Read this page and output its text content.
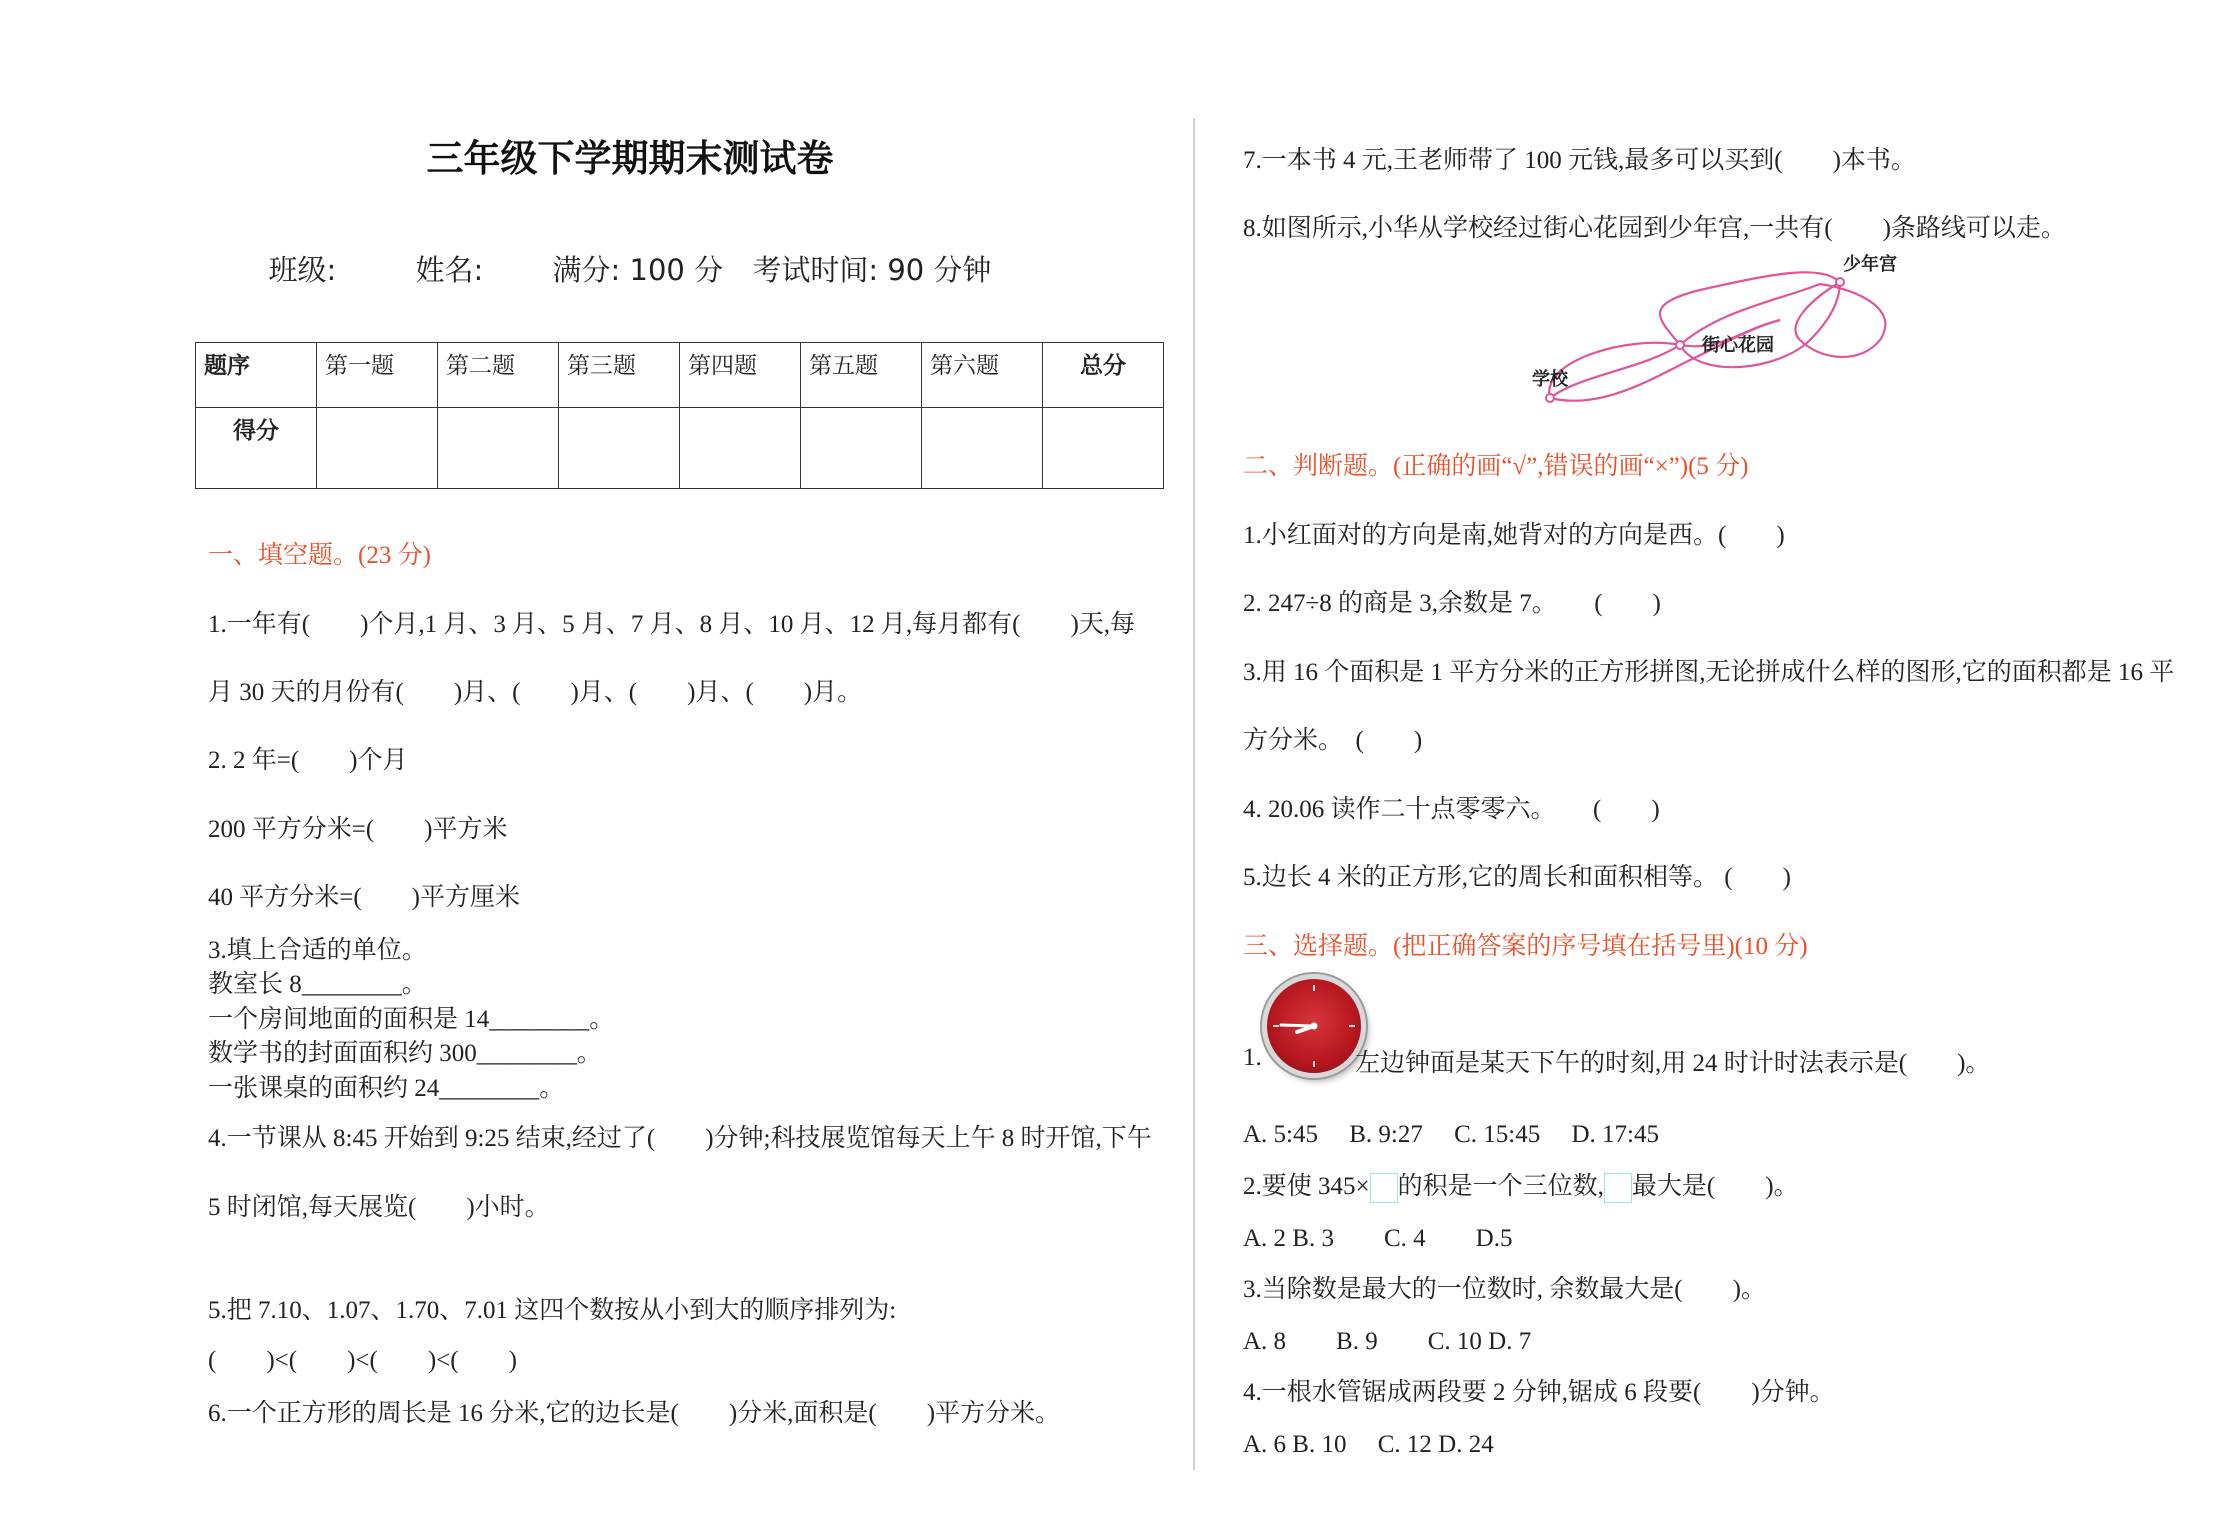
三年级下学期期末测试卷
班级:	姓名: 满分: 100 分 考试时间: 90 分钟
题序	第一题	第二题	第三题	第四题	第五题	第六题	总分
得分							
一、填空题。(23 分)
1.一年有(　　)个月,1 月、3 月、5 月、7 月、8 月、10 月、12 月,每月都有(　　)天,每
月 30 天的月份有(　　)月、(　　)月、(　　)月、(　　)月。
2. 2 年=(　　)个月
200 平方分米=(　　)平方米
40 平方分米=(　　)平方厘米
3.填上合适的单位。
教室长 8________。
一个房间地面的面积是 14________。
数学书的封面面积约 300________。
一张课桌的面积约 24________。
4.一节课从 8:45 开始到 9:25 结束,经过了(　　)分钟;科技展览馆每天上午 8 时开馆,下午
5 时闭馆,每天展览(　　)小时。
5.把 7.10、1.07、1.70、7.01 这四个数按从小到大的顺序排列为:
(　　)<(　　)<(　　)<(　　)
6.一个正方形的周长是 16 分米,它的边长是(　　)分米,面积是(　　)平方分米。
7.一本书 4 元,王老师带了 100 元钱,最多可以买到(　　)本书。
8.如图所示,小华从学校经过街心花园到少年宫,一共有(　　)条路线可以走。
学校
街心花园
少年宫
二、判断题。(正确的画“√”,错误的画“×”)(5 分)
1.小红面对的方向是南,她背对的方向是西。(　　)
2. 247÷8 的商是 3,余数是 7。　　(　　)
3.用 16 个面积是 1 平方分米的正方形拼图,无论拼成什么样的图形,它的面积都是 16 平
方分米。　(　　)
4. 20.06 读作二十点零零六。　　(　　)
5.边长 4 米的正方形,它的周长和面积相等。 (　　)
三、选择题。(把正确答案的序号填在括号里)(10 分)
1.	左边钟面是某天下午的时刻,用 24 时计时法表示是(　　)。
A. 5:45　 B. 9:27　 C. 15:45　 D. 17:45
2.要使 345× 的积是一个三位数, 最大是(　　)。
A. 2 B. 3　　C. 4　　D.5
3.当除数是最大的一位数时, 余数最大是(　　)。
A. 8　　B. 9　　C. 10 D. 7
4.一根水管锯成两段要 2 分钟,锯成 6 段要(　　)分钟。
A. 6 B. 10　 C. 12 D. 24
